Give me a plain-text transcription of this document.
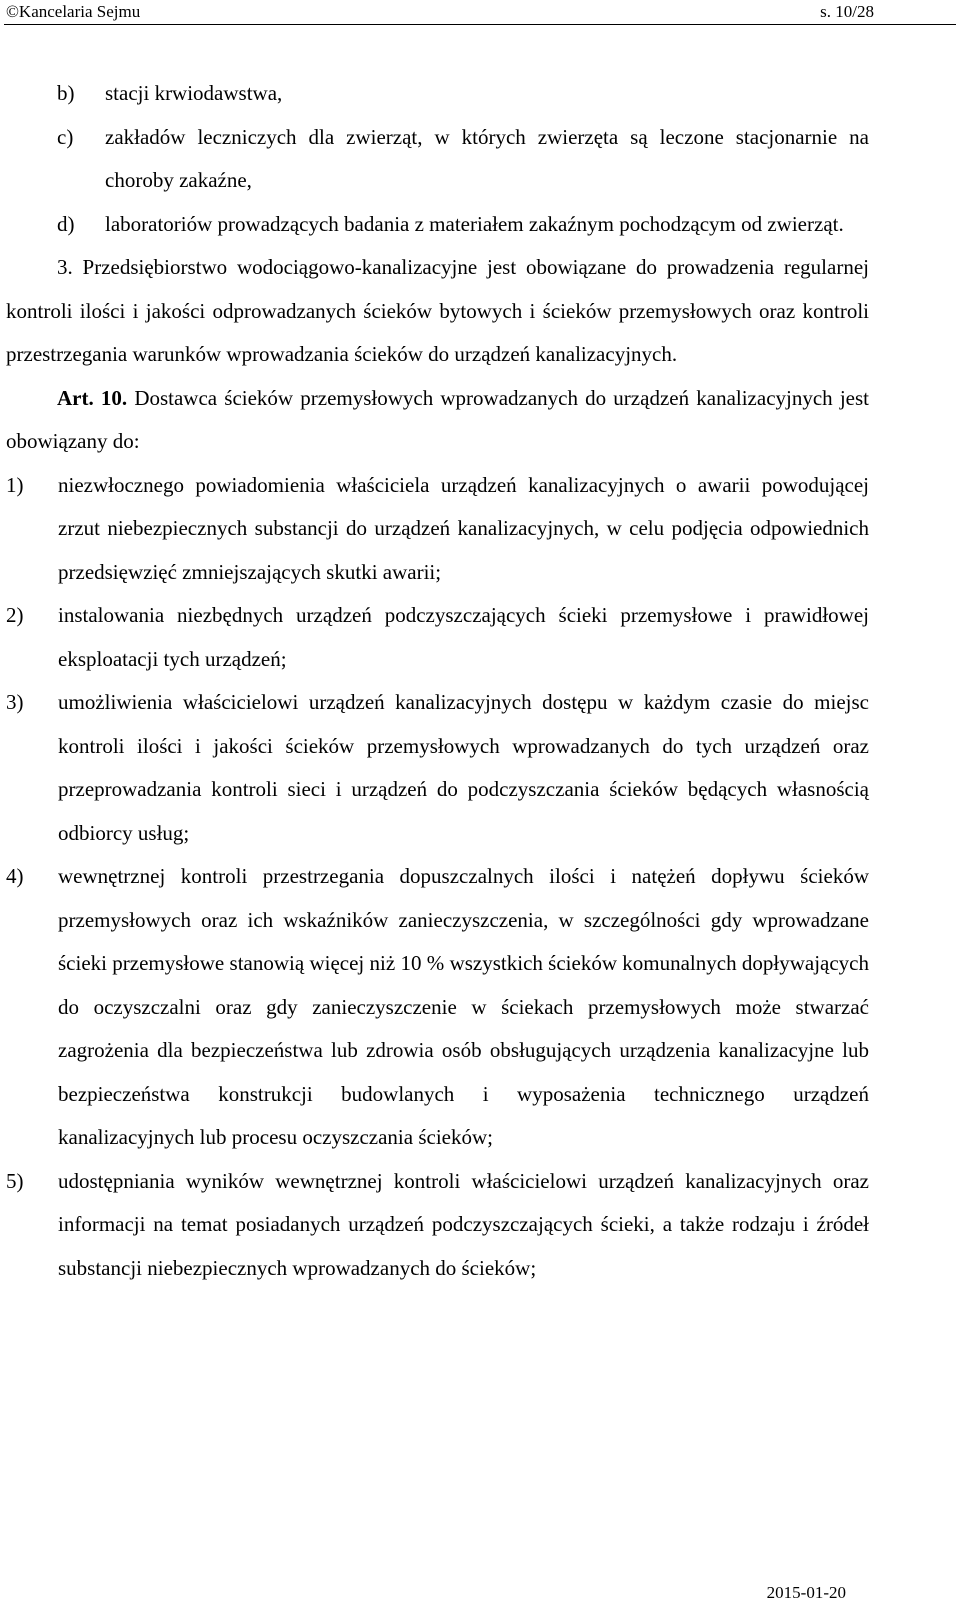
©Kancelaria Sejmu	s. 10/28
b) stacji krwiodawstwa,
c) zakładów leczniczych dla zwierząt, w których zwierzęta są leczone stacjonarnie na choroby zakaźne,
d) laboratoriów prowadzących badania z materiałem zakaźnym pochodzącym od zwierząt.
3. Przedsiębiorstwo wodociągowo-kanalizacyjne jest obowiązane do prowadzenia regularnej kontroli ilości i jakości odprowadzanych ścieków bytowych i ścieków przemysłowych oraz kontroli przestrzegania warunków wprowadzania ścieków do urządzeń kanalizacyjnych.
Art. 10. Dostawca ścieków przemysłowych wprowadzanych do urządzeń kanalizacyjnych jest obowiązany do:
1) niezwłocznego powiadomienia właściciela urządzeń kanalizacyjnych o awarii powodującej zrzut niebezpiecznych substancji do urządzeń kanalizacyjnych, w celu podjęcia odpowiednich przedsięwzięć zmniejszających skutki awarii;
2) instalowania niezbędnych urządzeń podczyszczających ścieki przemysłowe i prawidłowej eksploatacji tych urządzeń;
3) umożliwienia właścicielowi urządzeń kanalizacyjnych dostępu w każdym czasie do miejsc kontroli ilości i jakości ścieków przemysłowych wprowadzanych do tych urządzeń oraz przeprowadzania kontroli sieci i urządzeń do podczyszczania ścieków będących własnością odbiorcy usług;
4) wewnętrznej kontroli przestrzegania dopuszczalnych ilości i natężeń dopływu ścieków przemysłowych oraz ich wskaźników zanieczyszczenia, w szczególności gdy wprowadzane ścieki przemysłowe stanowią więcej niż 10 % wszystkich ścieków komunalnych dopływających do oczyszczalni oraz gdy zanieczyszczenie w ściekach przemysłowych może stwarzać zagrożenia dla bezpieczeństwa lub zdrowia osób obsługujących urządzenia kanalizacyjne lub bezpieczeństwa konstrukcji budowlanych i wyposażenia technicznego urządzeń kanalizacyjnych lub procesu oczyszczania ścieków;
5) udostępniania wyników wewnętrznej kontroli właścicielowi urządzeń kanalizacyjnych oraz informacji na temat posiadanych urządzeń podczyszczających ścieki, a także rodzaju i źródeł substancji niebezpiecznych wprowadzanych do ścieków;
2015-01-20
